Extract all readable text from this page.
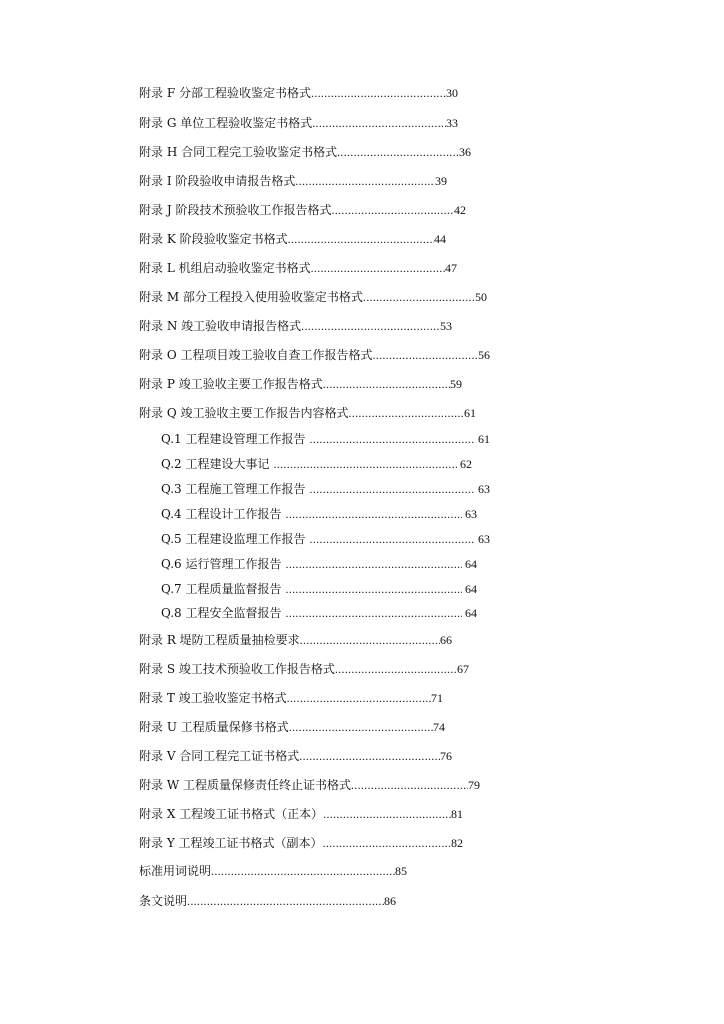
附录 F 分部工程验收鉴定书格式 .....	30
附录 G 单位工程验收鉴定书格式 .....	33
附录 H 合同工程完工验收鉴定书格式 .....	36
附录 I 阶段验收申请报告格式 .....	39
附录 J 阶段技术预验收工作报告格式 .....	42
附录 K 阶段验收鉴定书格式 .....	44
附录 L 机组启动验收鉴定书格式 .....	47
附录 M 部分工程投入使用验收鉴定书格式 .....	50
附录 N 竣工验收申请报告格式 .....	53
附录 O 工程项目竣工验收自查工作报告格式 .....	56
附录 P 竣工验收主要工作报告格式 .....	59
附录 Q 竣工验收主要工作报告内容格式 .....	61
Q.1 工程建设管理工作报告 .....	61
Q.2 工程建设大事记 .....	62
Q.3 工程施工管理工作报告 .....	63
Q.4 工程设计工作报告 .....	63
Q.5 工程建设监理工作报告 .....	63
Q.6 运行管理工作报告 .....	64
Q.7 工程质量监督报告 .....	64
Q.8 工程安全监督报告 .....	64
附录 R 堤防工程质量抽检要求 .....	66
附录 S 竣工技术预验收工作报告格式 .....	67
附录 T 竣工验收鉴定书格式 .....	71
附录 U 工程质量保修书格式 .....	74
附录 V 合同工程完工证书格式 .....	76
附录 W 工程质量保修责任终止证书格式 .....	79
附录 X 工程竣工证书格式（正本） .....	81
附录 Y 工程竣工证书格式（副本） .....	82
标准用词说明 .....	85
条文说明 .....	86
